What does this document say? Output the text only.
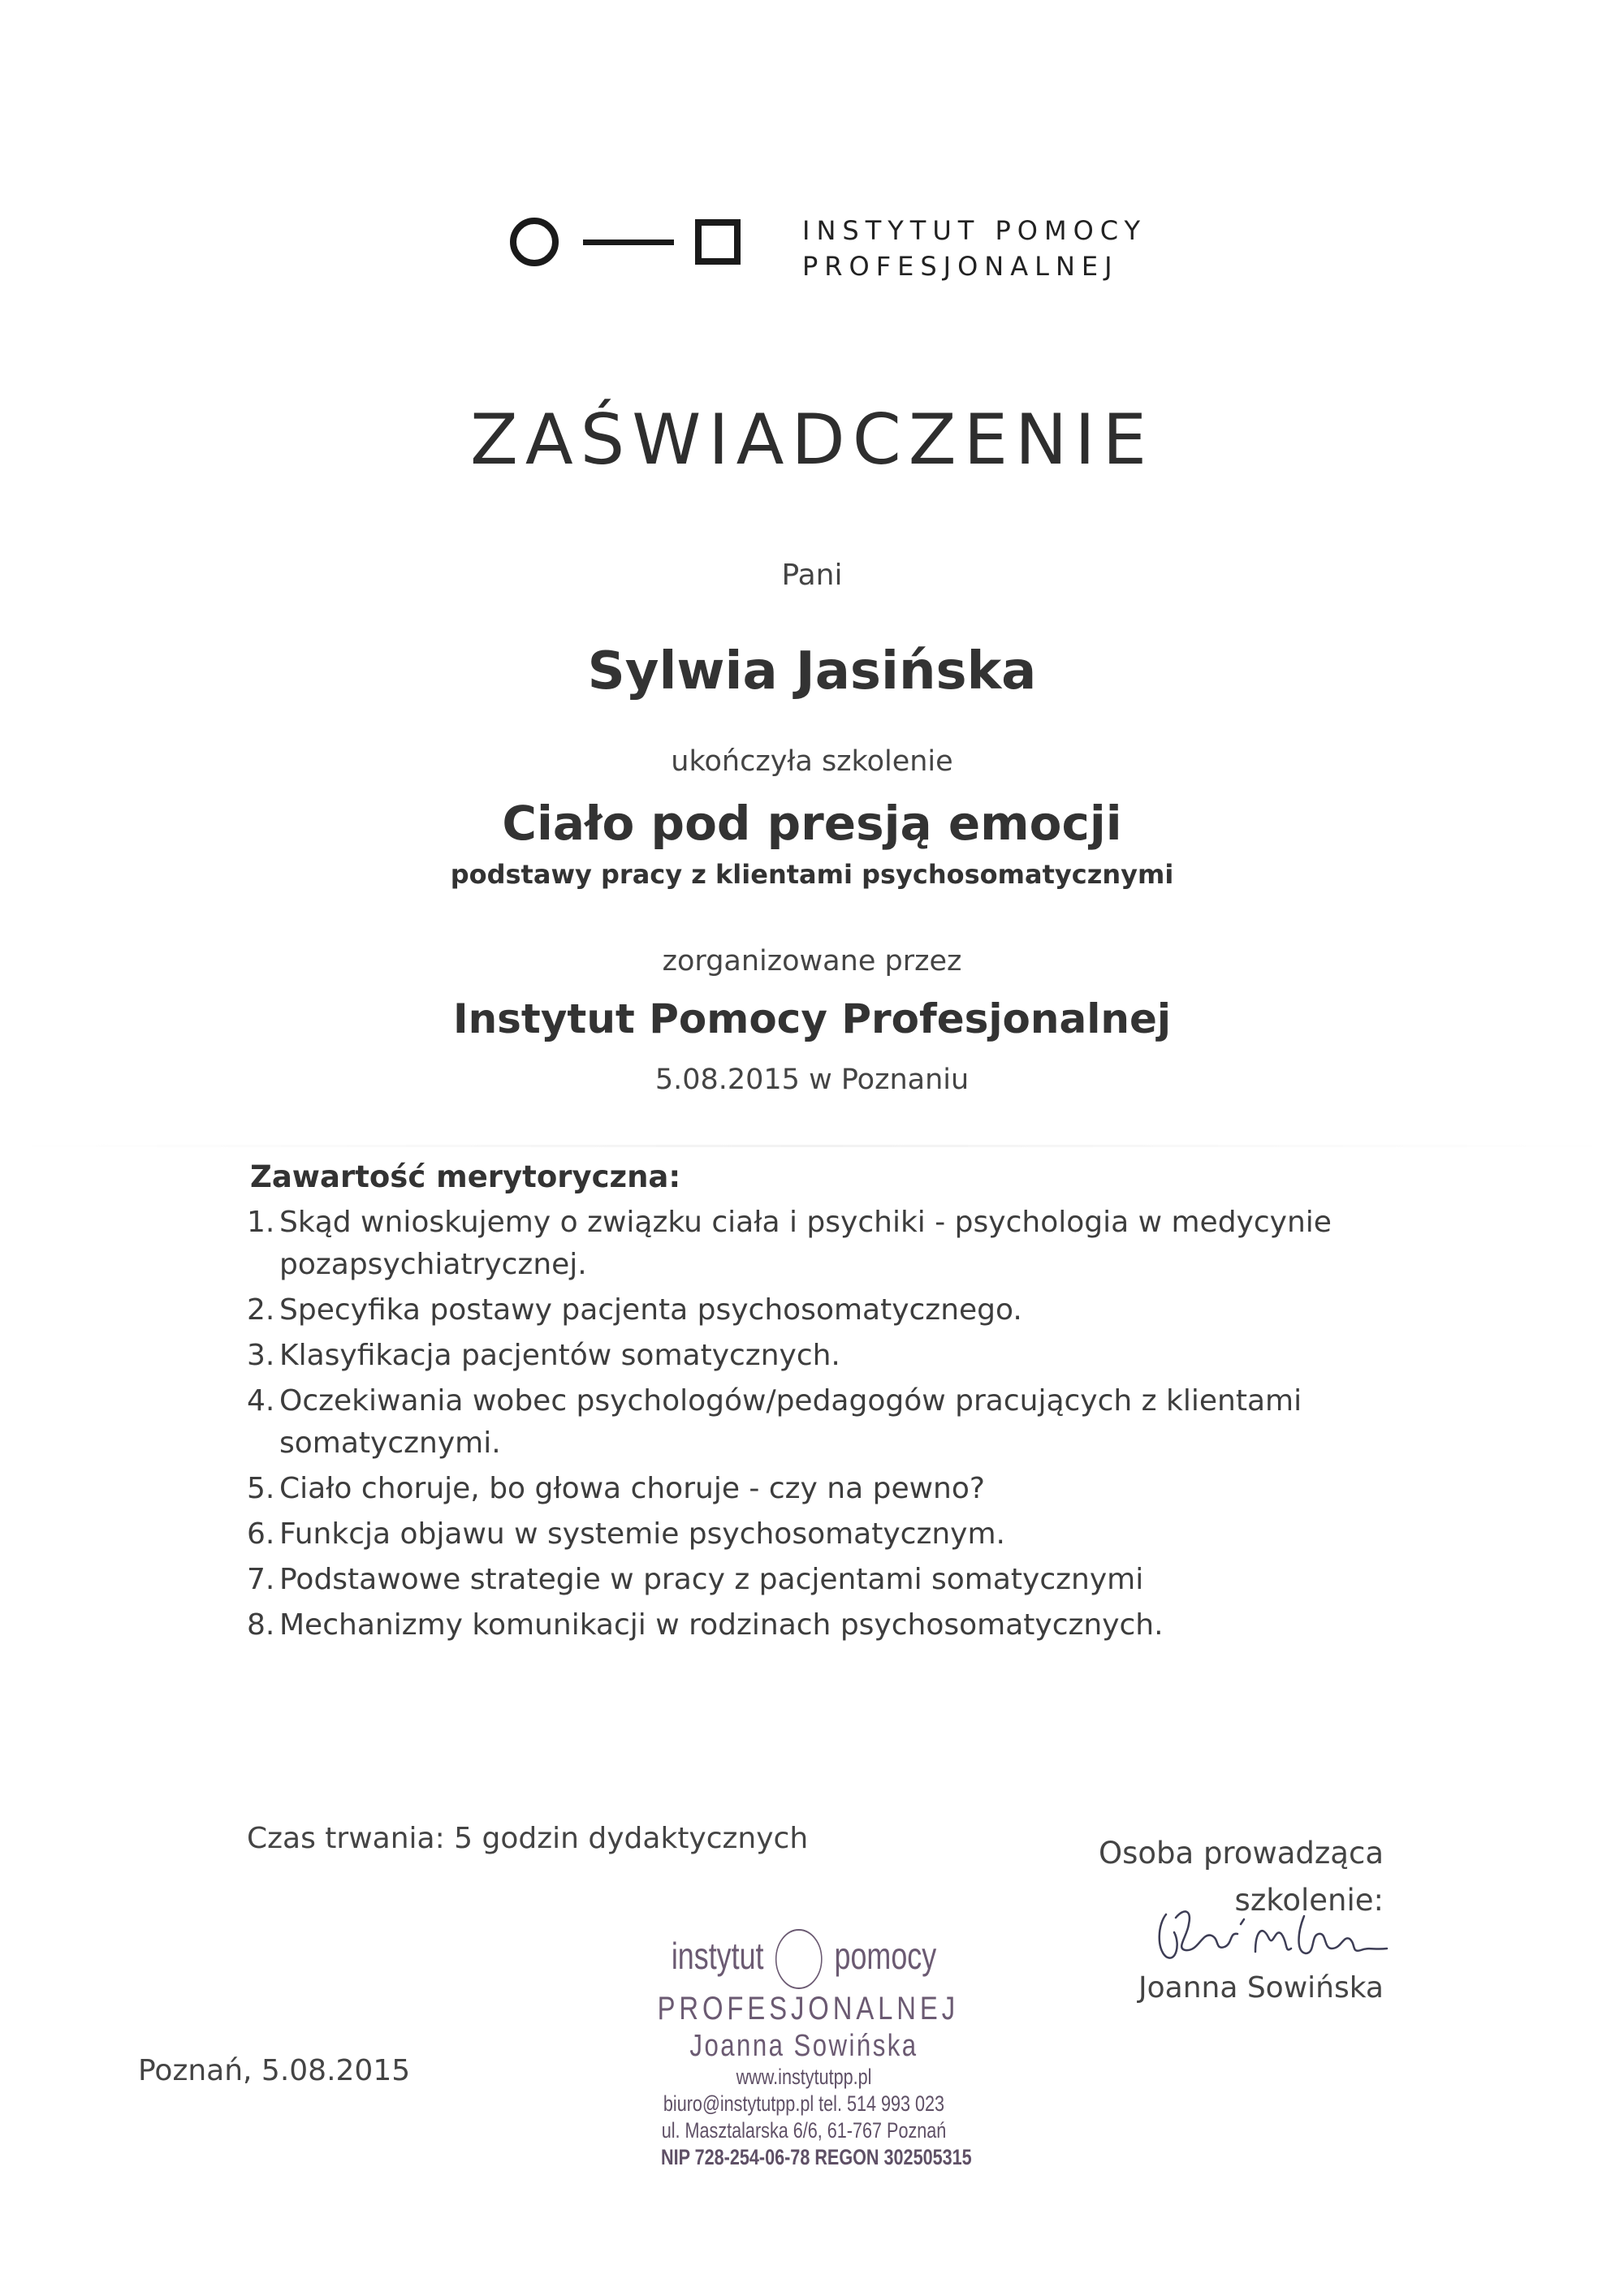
INSTYTUT POMOCY
PROFESJONALNEJ
ZAŚWIADCZENIE
Pani
Sylwia Jasińska
ukończyła szkolenie
Ciało pod presją emocji
podstawy pracy z klientami psychosomatycznymi
zorganizowane przez
Instytut Pomocy Profesjonalnej
5.08.2015 w Poznaniu
Zawartość merytoryczna:
1. Skąd wnioskujemy o związku ciała i psychiki - psychologia w medycynie
pozapsychiatrycznej.
2. Specyfika postawy pacjenta psychosomatycznego.
3. Klasyfikacja pacjentów somatycznych.
4. Oczekiwania wobec psychologów/pedagogów pracujących z klientami
somatycznymi.
5. Ciało choruje, bo głowa choruje - czy na pewno?
6. Funkcja objawu w systemie psychosomatycznym.
7. Podstawowe strategie w pracy z pacjentami somatycznymi
8. Mechanizmy komunikacji w rodzinach psychosomatycznych.
Czas trwania: 5 godzin dydaktycznych	Osoba prowadząca
szkolenie:
Joanna Sowińska
Poznań, 5.08.2015
instytut pomocy
PROFESJONALNEJ
Joanna Sowińska
www.instytutpp.pl
biuro@instytutpp.pl tel. 514 993 023
ul. Masztalarska 6/6, 61-767 Poznań
NIP 728-254-06-78 REGON 302505315
